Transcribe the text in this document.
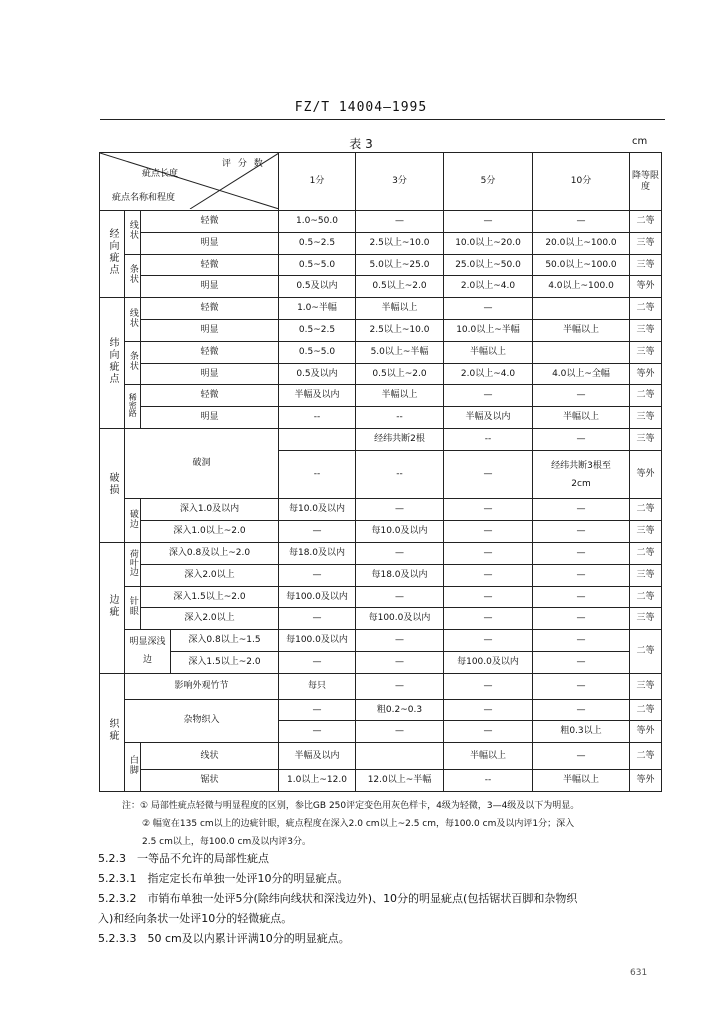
FZ/T 14004—1995
表 3	cm
评 分 数
疵点长度
疵点名称和程度				1分	3分	5分	10分	降等限度
经向疵点	线状	轻微		1.0~50.0	—	—	—	二等
		明显		0.5~2.5	2.5以上~10.0	10.0以上~20.0	20.0以上~100.0	三等
	条状	轻微		0.5~5.0	5.0以上~25.0	25.0以上~50.0	50.0以上~100.0	三等
		明显		0.5及以内	0.5以上~2.0	2.0以上~4.0	4.0以上~100.0	等外
纬向疵点	线状	轻微		1.0~半幅	半幅以上	—		二等
		明显		0.5~2.5	2.5以上~10.0	10.0以上~半幅	半幅以上	三等
	条状	轻微		0.5~5.0	5.0以上~半幅	半幅以上		三等
		明显		0.5及以内	0.5以上~2.0	2.0以上~4.0	4.0以上~全幅	等外
	稀密路	轻微		半幅及以内	半幅以上	—	—	二等
		明显		--	--	半幅及以内	半幅以上	三等
破损	破洞				经纬共断2根	--	—	三等
				--	--	—	经纬共断3根至2cm	等外
	破边	深入1.0及以内		每10.0及以内	—	—	—	二等
		深入1.0以上~2.0		—	每10.0及以内	—	—	三等
边疵	荷叶边	深入0.8及以上~2.0		每18.0及以内	—	—	—	二等
		深入2.0以上		—	每18.0及以内	—	—	三等
	针眼	深入1.5以上~2.0		每100.0及以内	—	—	—	二等
		深入2.0以上		—	每100.0及以内	—	—	三等
	明显深浅边		深入0.8以上~1.5	每100.0及以内	—	—	—	二等
			深入1.5以上~2.0	—	—	每100.0及以内	—	
织疵	影响外观竹节			每只	—	—	—	三等
	杂物织入			—	粗0.2~0.3	—	—	二等
				—	—	—	粗0.3以上	等外
	白脚	线状		半幅及以内		半幅以上	—	二等
		锯状		1.0以上~12.0	12.0以上~半幅	--	半幅以上	等外
注：① 局部性疵点轻微与明显程度的区别，参比GB 250评定变色用灰色样卡，4级为轻微，3—4级及以下为明显。
② 幅宽在135 cm以上的边疵针眼，疵点程度在深入2.0 cm以上~2.5 cm，每100.0 cm及以内评1分；深入
2.5 cm以上，每100.0 cm及以内评3分。
5.2.3　一等品不允许的局部性疵点
5.2.3.1　指定定长布单独一处评10分的明显疵点。
5.2.3.2　市销布单独一处评5分(除纬向线状和深浅边外)、10分的明显疵点(包括锯状百脚和杂物织
入)和经向条状一处评10分的轻微疵点。
5.2.3.3　50 cm及以内累计评满10分的明显疵点。
631
